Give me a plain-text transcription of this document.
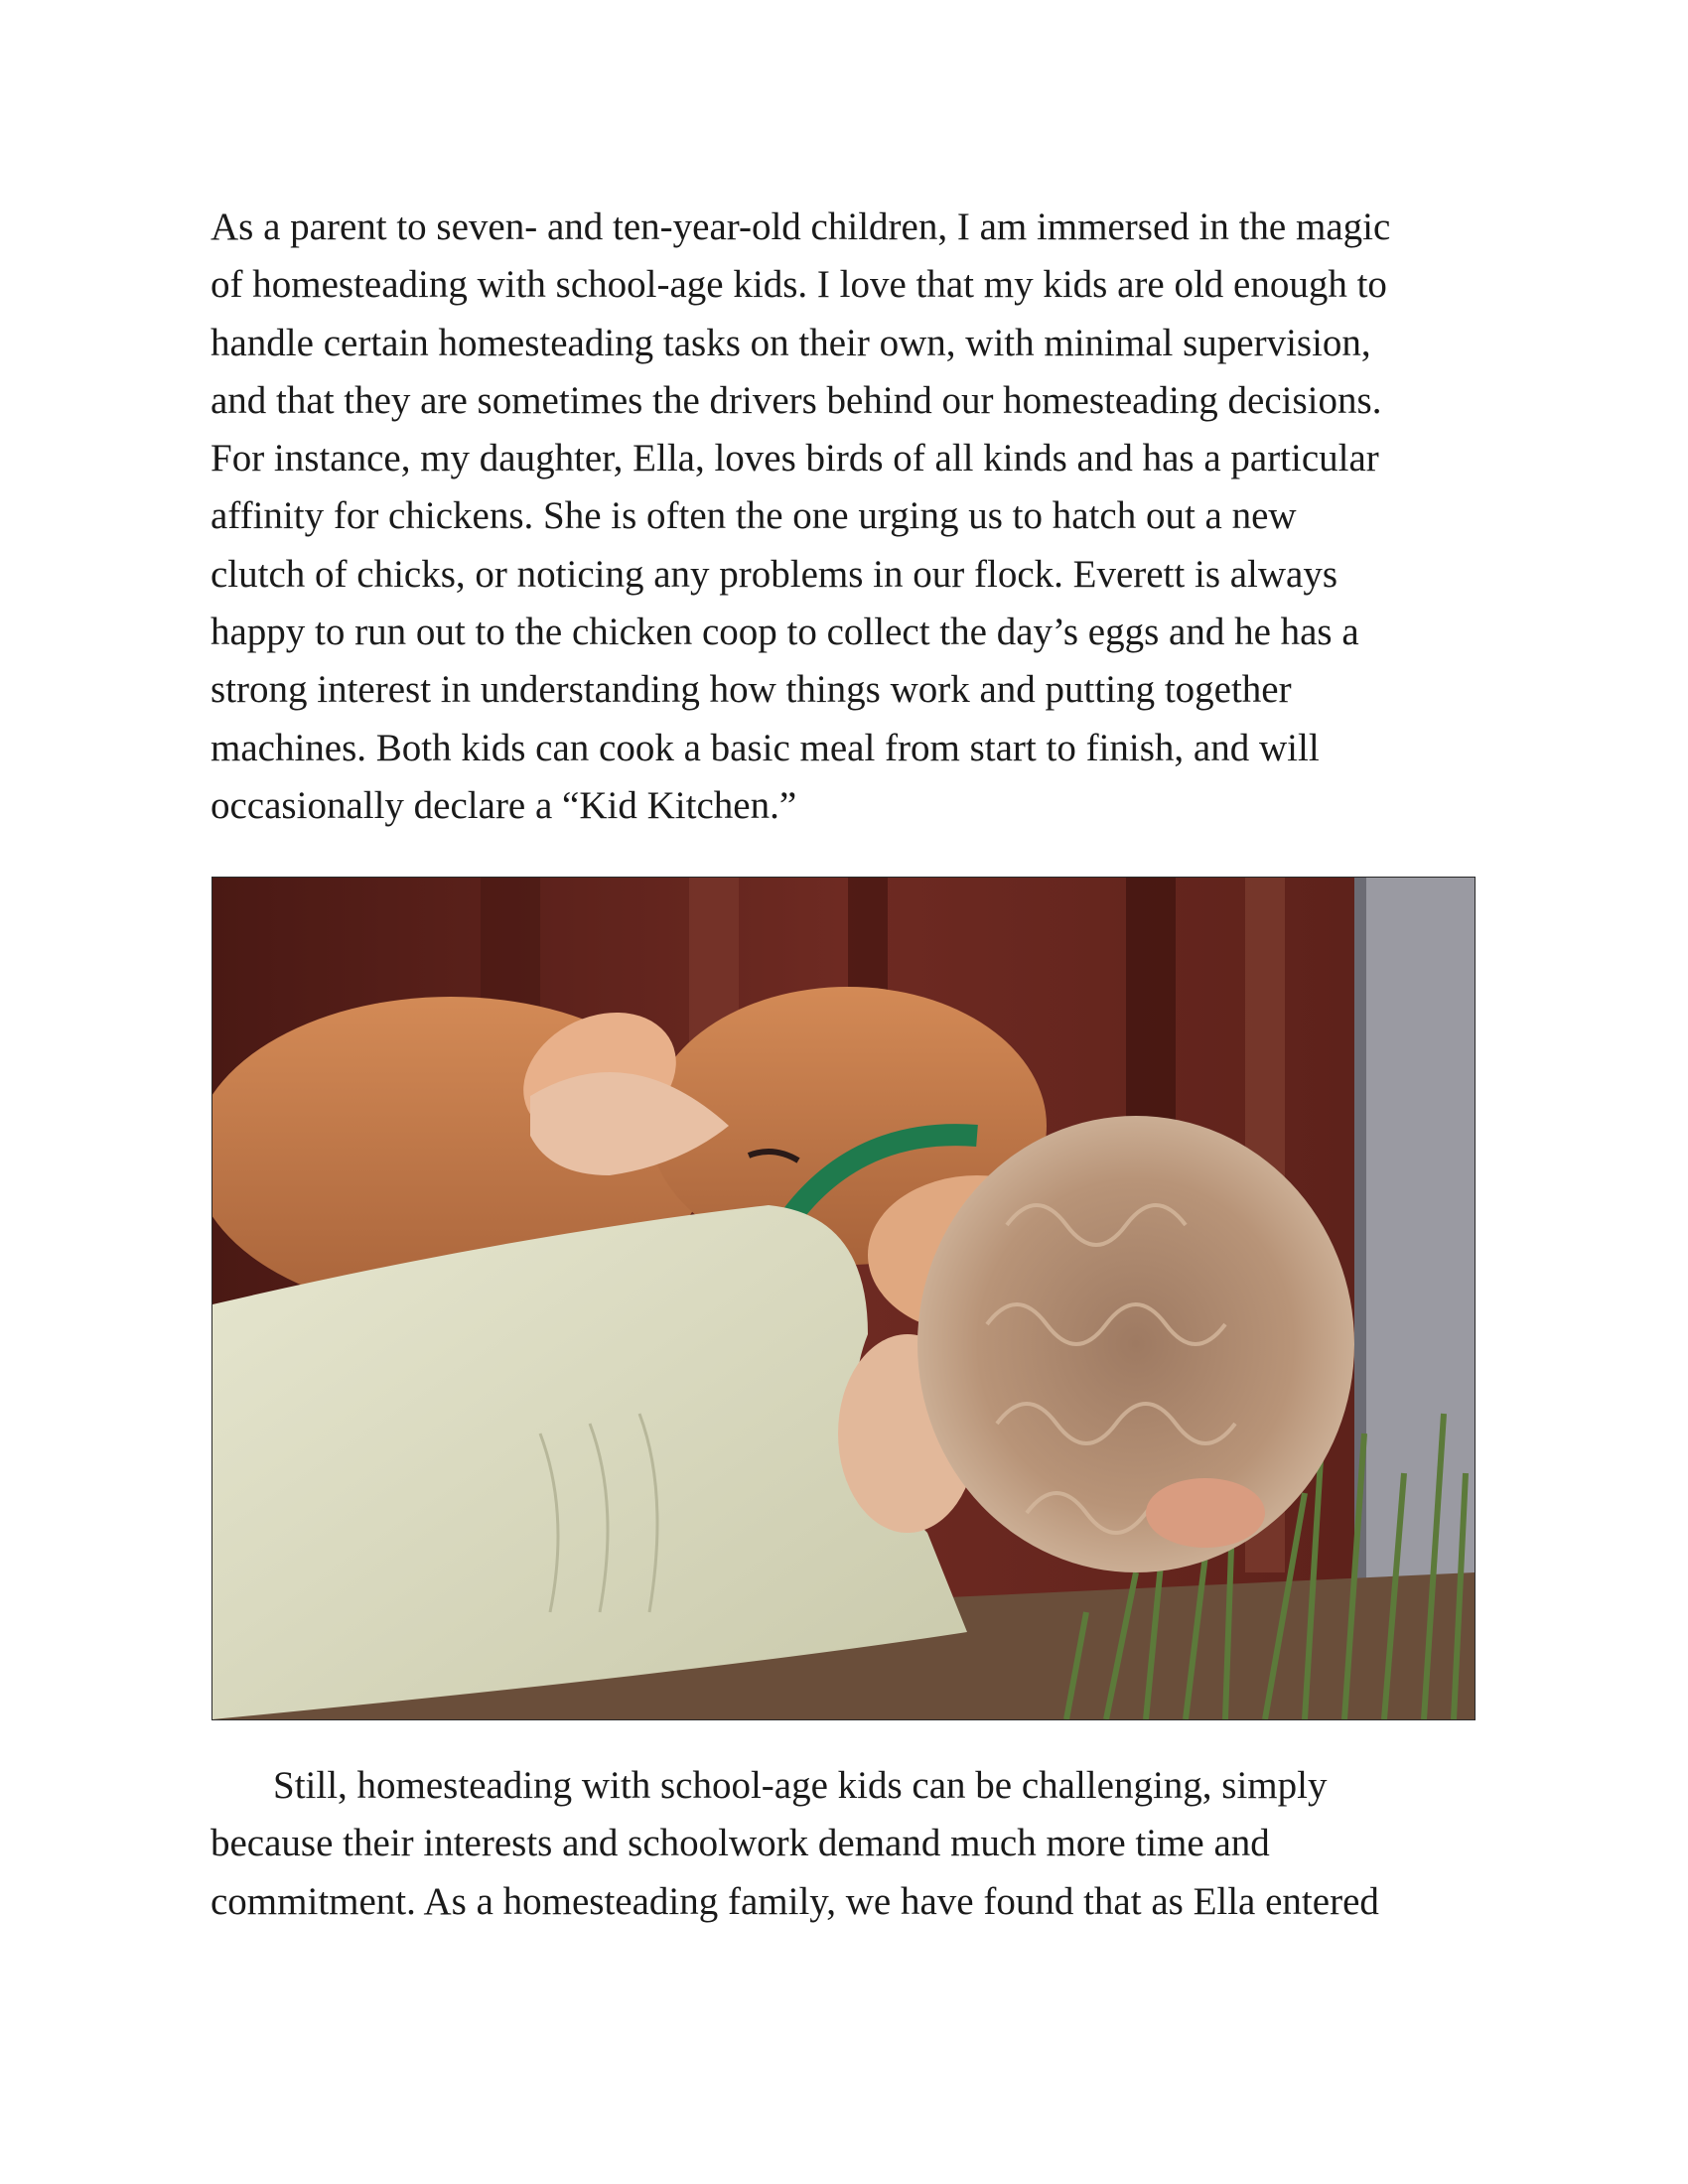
As a parent to seven- and ten-year-old children, I am immersed in the magic
of homesteading with school-age kids. I love that my kids are old enough to
handle certain homesteading tasks on their own, with minimal supervision,
and that they are sometimes the drivers behind our homesteading decisions.
For instance, my daughter, Ella, loves birds of all kinds and has a particular
affinity for chickens. She is often the one urging us to hatch out a new
clutch of chicks, or noticing any problems in our flock. Everett is always
happy to run out to the chicken coop to collect the day’s eggs and he has a
strong interest in understanding how things work and putting together
machines. Both kids can cook a basic meal from start to finish, and will
occasionally declare a “Kid Kitchen.”
Still, homesteading with school-age kids can be challenging, simply
because their interests and schoolwork demand much more time and
commitment. As a homesteading family, we have found that as Ella entered
